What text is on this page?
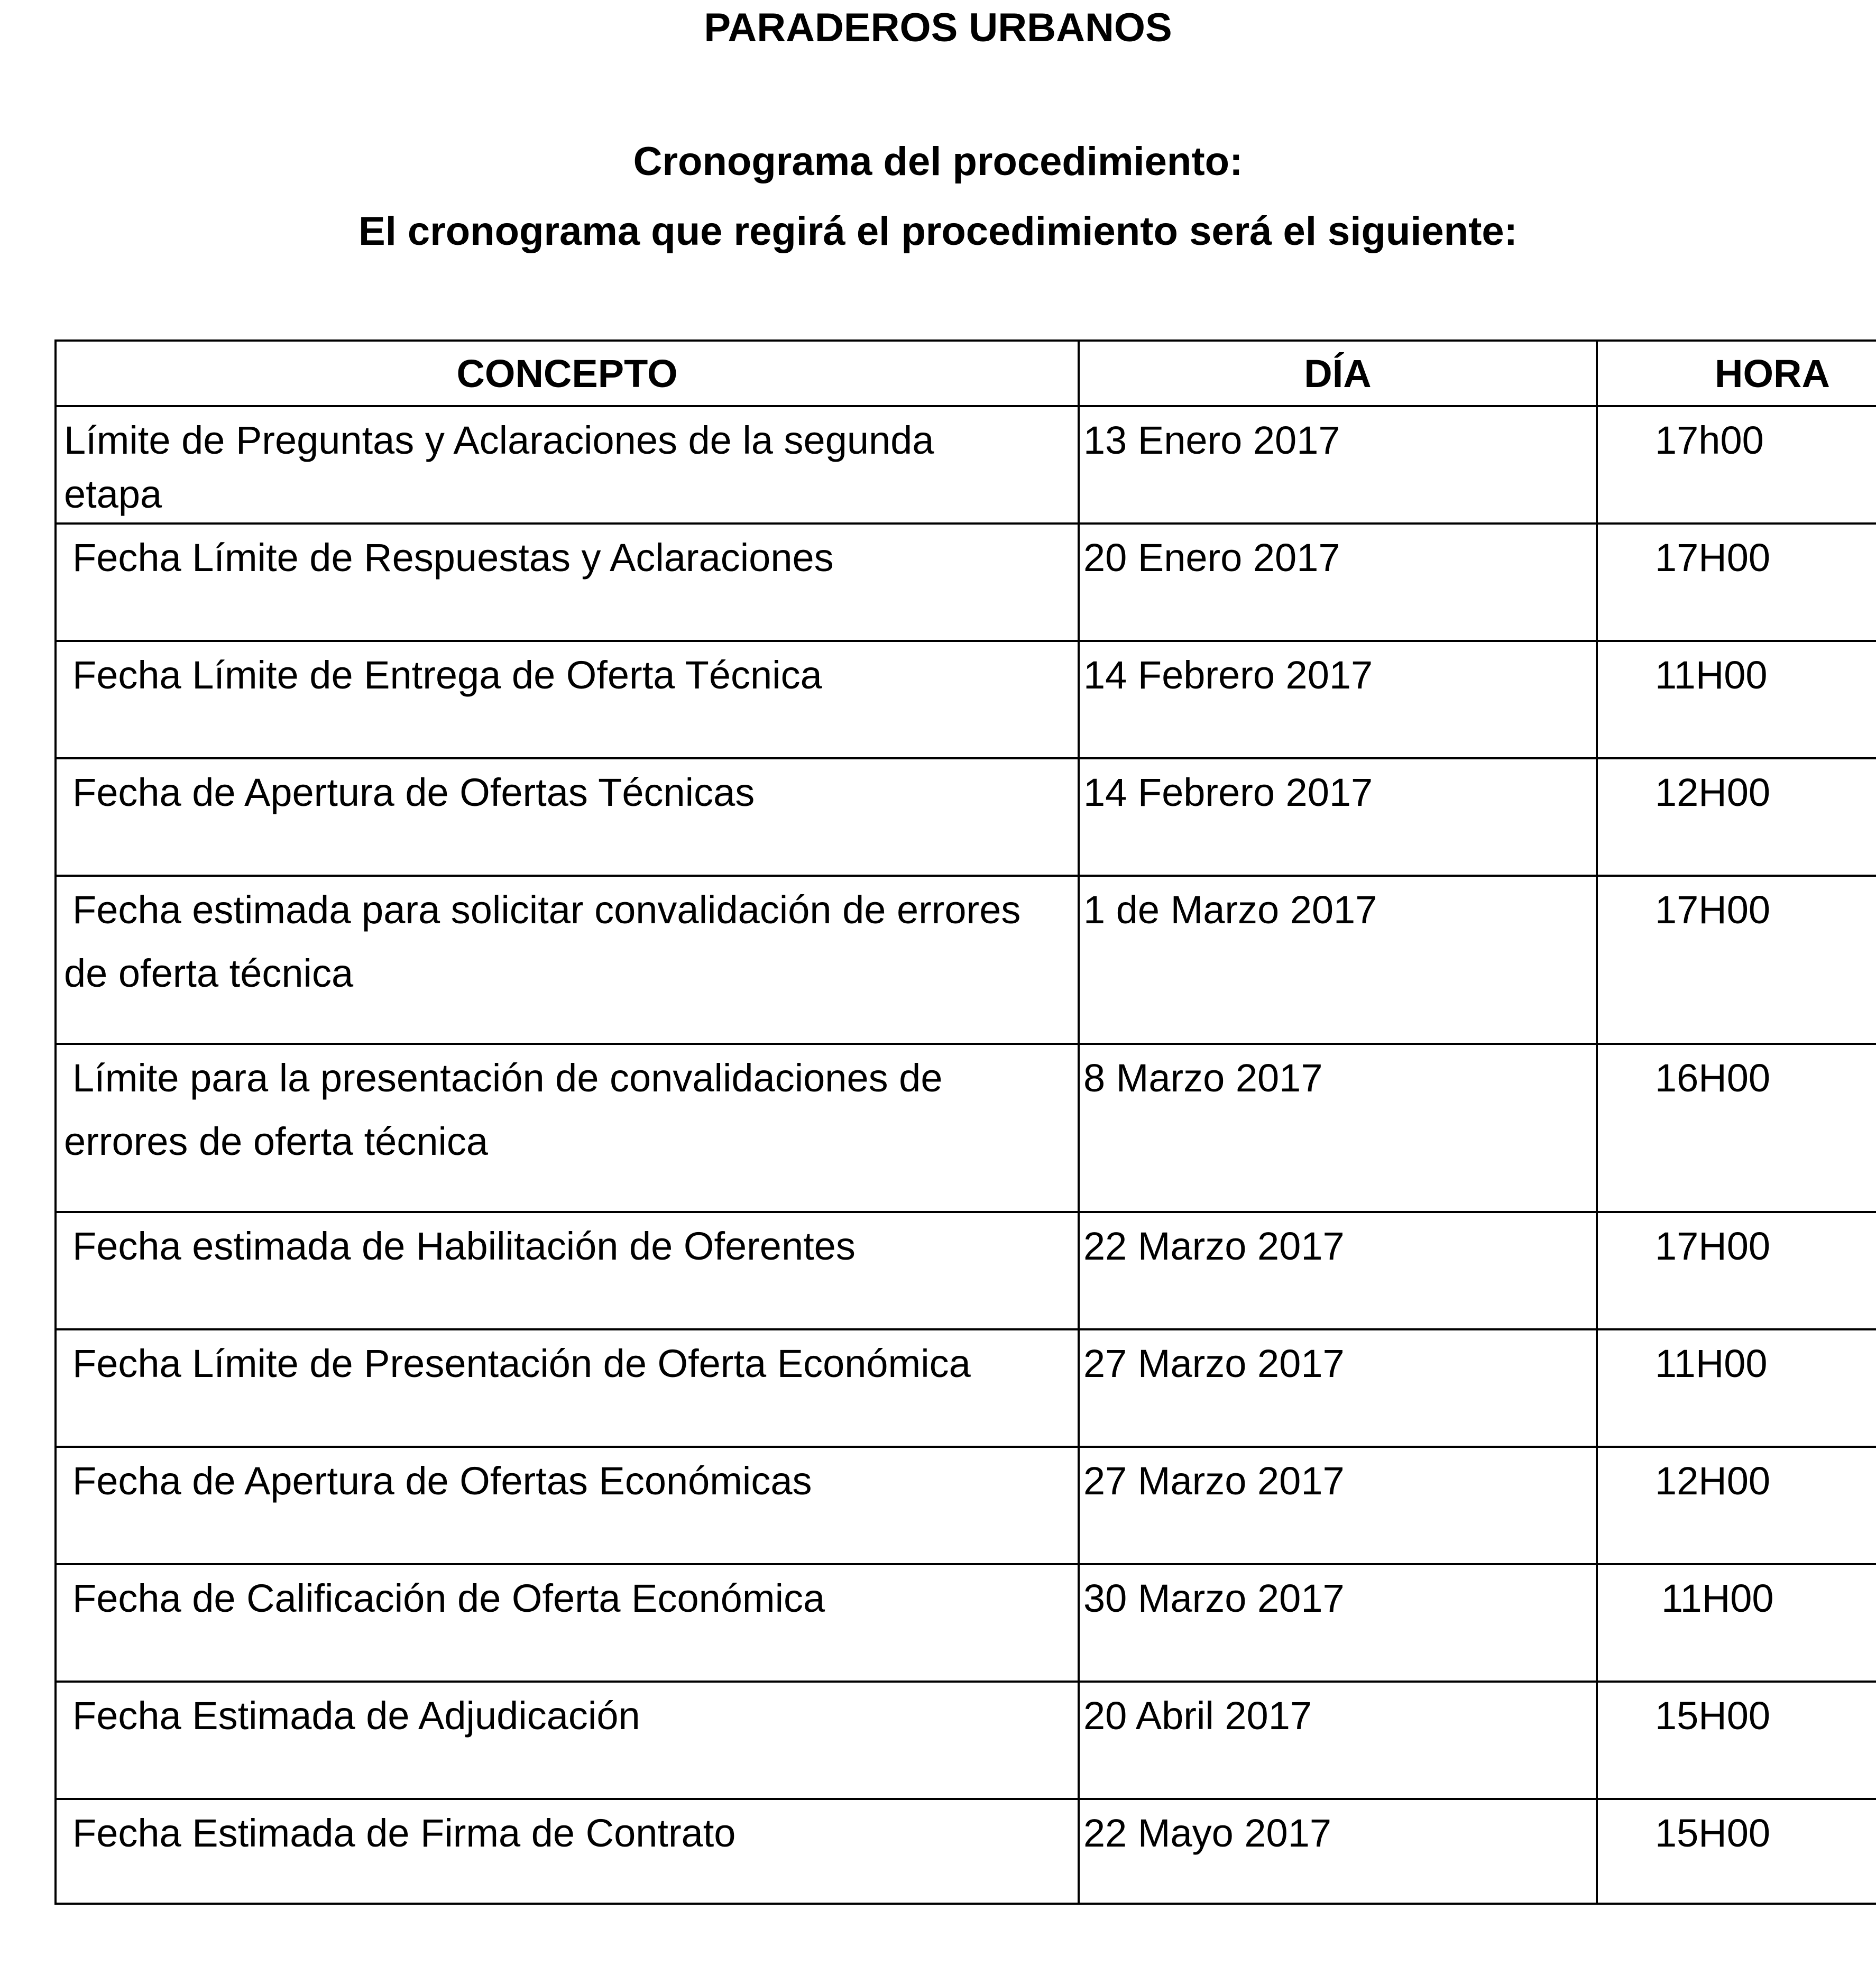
PARADEROS URBANOS
Cronograma del procedimiento:
El cronograma que regirá el procedimiento será el siguiente:
CONCEPTO	DÍA	HORA
Límite de Preguntas y Aclaraciones de la segunda
etapa
13 Enero 2017	17h00
Fecha Límite de Respuestas y Aclaraciones	20 Enero 2017	17H00
Fecha Límite de Entrega de Oferta Técnica	14 Febrero 2017	11H00
Fecha de Apertura de Ofertas Técnicas	14 Febrero 2017	12H00
Fecha estimada para solicitar convalidación de errores
de oferta técnica
1 de Marzo 2017	17H00
Límite para la presentación de convalidaciones de
errores de oferta técnica
8 Marzo 2017	16H00
Fecha estimada de Habilitación de Oferentes	22 Marzo 2017	17H00
Fecha Límite de Presentación de Oferta Económica	27 Marzo 2017	11H00
Fecha de Apertura de Ofertas Económicas	27 Marzo 2017	12H00
Fecha de Calificación de Oferta Económica	30 Marzo 2017	11H00
Fecha Estimada de Adjudicación	20 Abril 2017	15H00
Fecha Estimada de Firma de Contrato	22 Mayo 2017	15H00
